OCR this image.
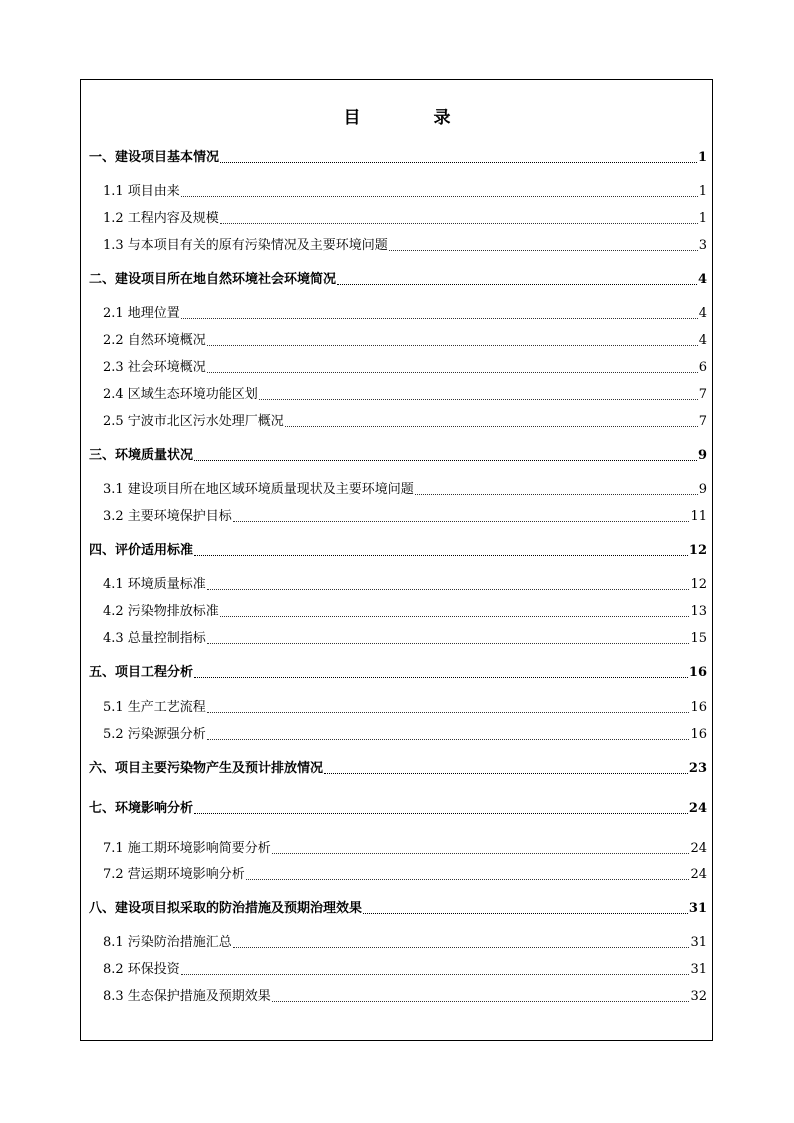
目　录
一、建设项目基本情况	1
1.1 项目由来	1
1.2 工程内容及规模	1
1.3 与本项目有关的原有污染情况及主要环境问题	3
二、建设项目所在地自然环境社会环境简况	4
2.1 地理位置	4
2.2 自然环境概况	4
2.3 社会环境概况	6
2.4 区域生态环境功能区划	7
2.5 宁波市北区污水处理厂概况	7
三、环境质量状况	9
3.1 建设项目所在地区域环境质量现状及主要环境问题	9
3.2 主要环境保护目标	11
四、评价适用标准	12
4.1 环境质量标准	12
4.2 污染物排放标准	13
4.3 总量控制指标	15
五、项目工程分析	16
5.1 生产工艺流程	16
5.2 污染源强分析	16
六、项目主要污染物产生及预计排放情况	23
七、环境影响分析	24
7.1 施工期环境影响简要分析	24
7.2 营运期环境影响分析	24
八、建设项目拟采取的防治措施及预期治理效果	31
8.1 污染防治措施汇总	31
8.2 环保投资	31
8.3 生态保护措施及预期效果	32
